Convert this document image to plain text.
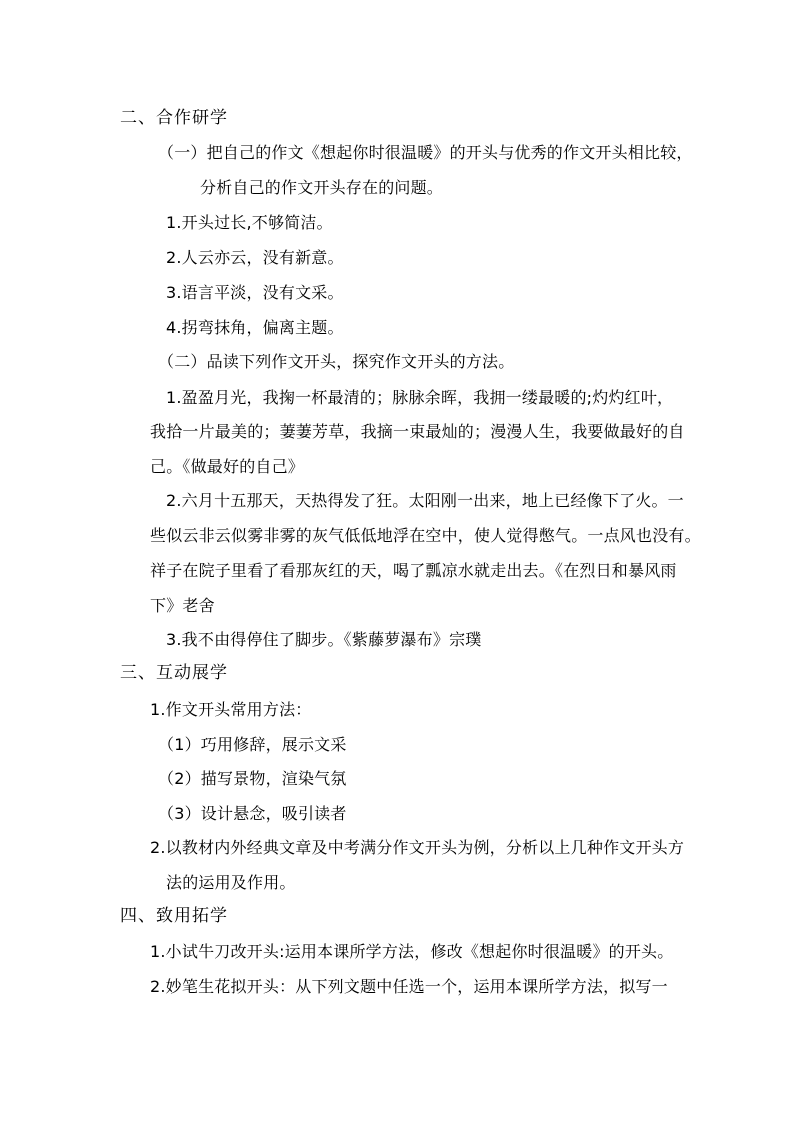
二、合作研学
（一）把自己的作文《想起你时很温暖》的开头与优秀的作文开头相比较，
分析自己的作文开头存在的问题。
1.开头过长,不够简洁。
2.人云亦云，没有新意。
3.语言平淡，没有文采。
4.拐弯抹角，偏离主题。
（二）品读下列作文开头，探究作文开头的方法。
1.盈盈月光，我掬一杯最清的；脉脉余晖，我拥一缕最暖的;灼灼红叶，
我拾一片最美的；萋萋芳草，我摘一束最灿的；漫漫人生，我要做最好的自
己。《做最好的自己》
2.六月十五那天，天热得发了狂。太阳刚一出来，地上已经像下了火。一
些似云非云似雾非雾的灰气低低地浮在空中，使人觉得憋气。一点风也没有。
祥子在院子里看了看那灰红的天，喝了瓢凉水就走出去。《在烈日和暴风雨
下》老舍
3.我不由得停住了脚步。《紫藤萝瀑布》宗璞
三、互动展学
1.作文开头常用方法：
（1）巧用修辞，展示文采
（2）描写景物，渲染气氛
（3）设计悬念，吸引读者
2.以教材内外经典文章及中考满分作文开头为例，分析以上几种作文开头方
法的运用及作用。
四、致用拓学
1.小试牛刀改开头:运用本课所学方法，修改《想起你时很温暖》的开头。
2.妙笔生花拟开头：从下列文题中任选一个，运用本课所学方法，拟写一
